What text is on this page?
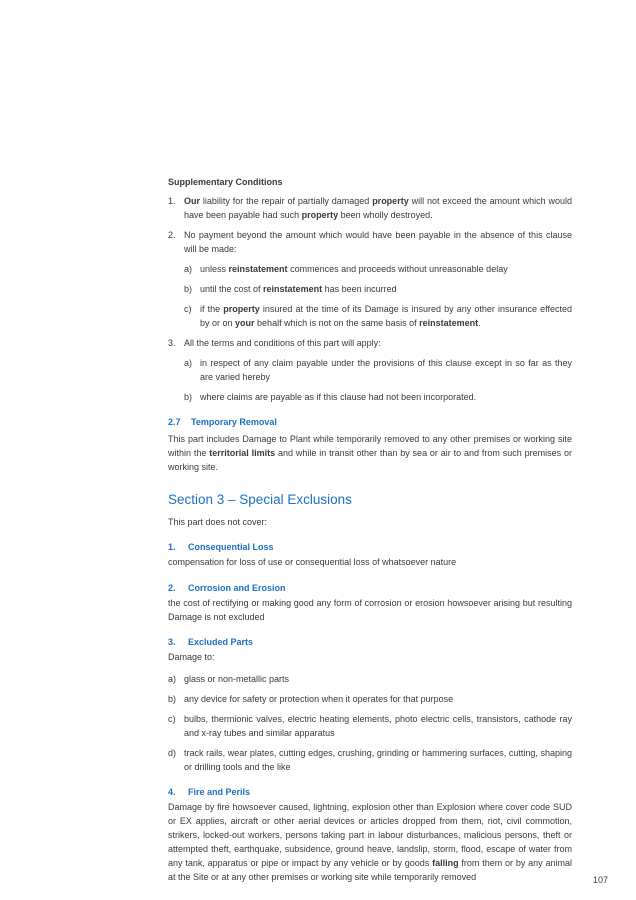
Supplementary Conditions
1. Our liability for the repair of partially damaged property will not exceed the amount which would have been payable had such property been wholly destroyed.
2. No payment beyond the amount which would have been payable in the absence of this clause will be made:
a) unless reinstatement commences and proceeds without unreasonable delay
b) until the cost of reinstatement has been incurred
c) if the property insured at the time of its Damage is insured by any other insurance effected by or on your behalf which is not on the same basis of reinstatement.
3. All the terms and conditions of this part will apply:
a) in respect of any claim payable under the provisions of this clause except in so far as they are varied hereby
b) where claims are payable as if this clause had not been incorporated.
2.7 Temporary Removal

This part includes Damage to Plant while temporarily removed to any other premises or working site within the territorial limits and while in transit other than by sea or air to and from such premises or working site.

Section 3 – Special Exclusions

This part does not cover:

1. Consequential Loss

compensation for loss of use or consequential loss of whatsoever nature

2. Corrosion and Erosion

the cost of rectifying or making good any form of corrosion or erosion howsoever arising but resulting Damage is not excluded

3. Excluded Parts

Damage to:

a) glass or non-metallic parts
b) any device for safety or protection when it operates for that purpose
c) bulbs, thermionic valves, electric heating elements, photo electric cells, transistors, cathode ray and x-ray tubes and similar apparatus
d) track rails, wear plates, cutting edges, crushing, grinding or hammering surfaces, cutting, shaping or drilling tools and the like
4. Fire and Perils

Damage by fire howsoever caused, lightning, explosion other than Explosion where cover code SUD or EX applies, aircraft or other aerial devices or articles dropped from them, riot, civil commotion, strikers, locked-out workers, persons taking part in labour disturbances, malicious persons, theft or attempted theft, earthquake, subsidence, ground heave, landslip, storm, flood, escape of water from any tank, apparatus or pipe or impact by any vehicle or by goods falling from them or by any animal at the Site or at any other premises or working site while temporarily removed	107
